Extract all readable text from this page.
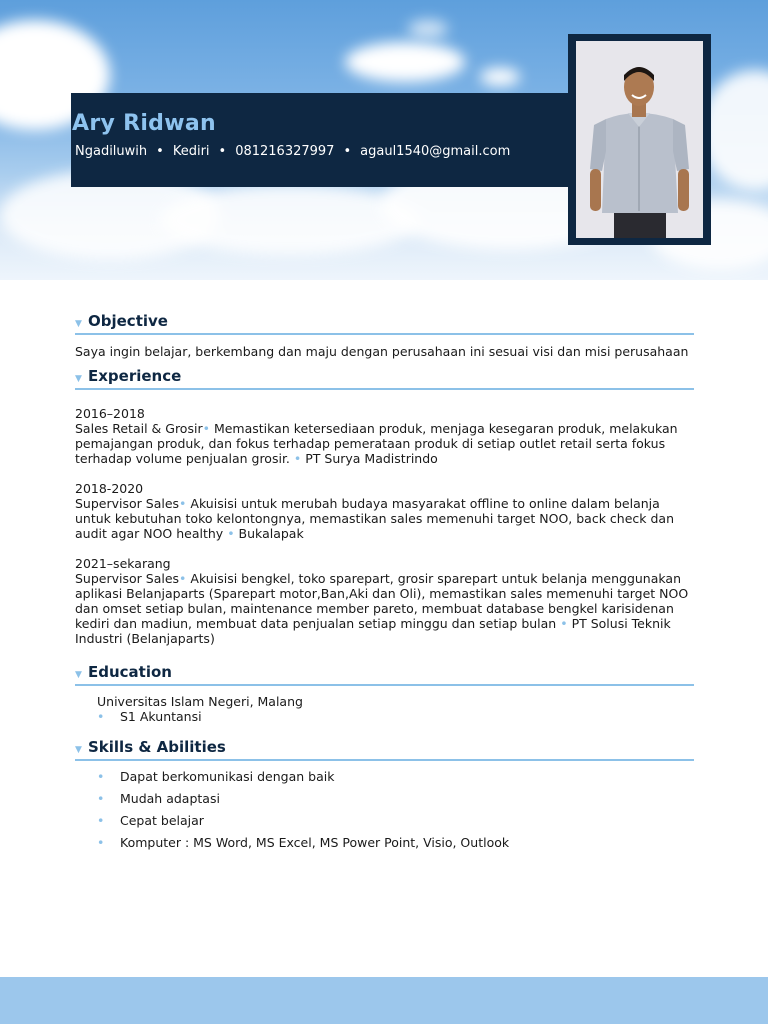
Ary Ridwan
Ngadiluwih • Kediri • 081216327997 • agaul1540@gmail.com
▼ Objective
Saya ingin belajar, berkembang dan maju dengan perusahaan ini sesuai visi dan misi perusahaan
▼ Experience
2016–2018
Sales Retail & Grosir• Memastikan ketersediaan produk, menjaga kesegaran produk, melakukan pemajangan produk, dan fokus terhadap pemerataan produk di setiap outlet retail serta fokus terhadap volume penjualan grosir. • PT Surya Madistrindo
2018-2020
Supervisor Sales• Akuisisi untuk merubah budaya masyarakat offline to online dalam belanja untuk kebutuhan toko kelontongnya, memastikan sales memenuhi target NOO, back check dan audit agar NOO healthy • Bukalapak
2021–sekarang
Supervisor Sales• Akuisisi bengkel, toko sparepart, grosir sparepart untuk belanja menggunakan aplikasi Belanjaparts (Sparepart motor,Ban,Aki dan Oli), memastikan sales memenuhi target NOO dan omset setiap bulan, maintenance member pareto, membuat database bengkel karisidenan kediri dan madiun, membuat data penjualan setiap minggu dan setiap bulan • PT Solusi Teknik Industri (Belanjaparts)
▼ Education
Universitas Islam Negeri, Malang
• S1 Akuntansi
▼ Skills & Abilities
• Dapat berkomunikasi dengan baik
• Mudah adaptasi
• Cepat belajar
• Komputer : MS Word, MS Excel, MS Power Point, Visio, Outlook
